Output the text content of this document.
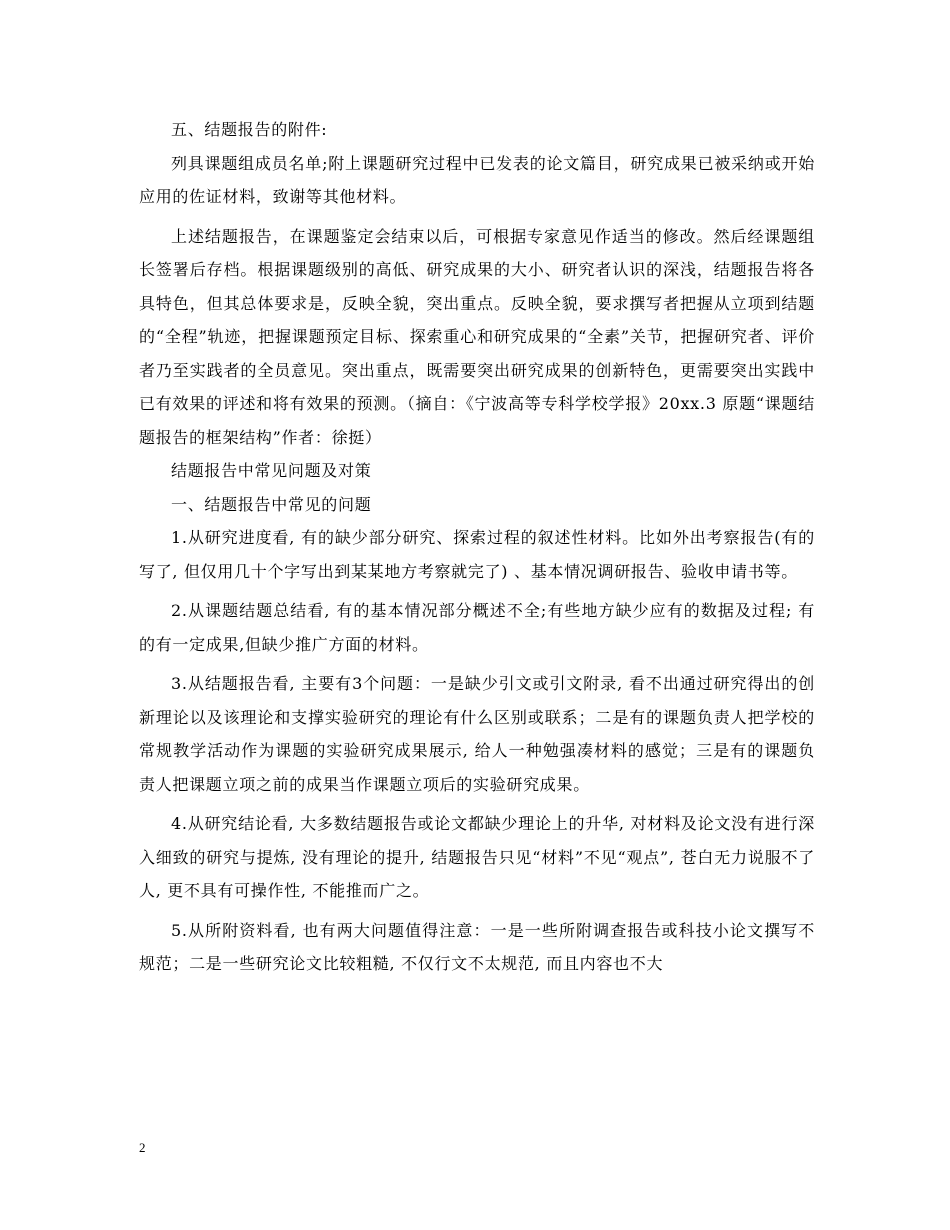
五、结题报告的附件:

列具课题组成员名单;附上课题研究过程中已发表的论文篇目，研究成果已被采纳或开始应用的佐证材料，致谢等其他材料。

上述结题报告，在课题鉴定会结束以后，可根据专家意见作适当的修改。然后经课题组长签署后存档。根据课题级别的高低、研究成果的大小、研究者认识的深浅，结题报告将各具特色，但其总体要求是，反映全貌，突出重点。反映全貌，要求撰写者把握从立项到结题的“全程”轨迹，把握课题预定目标、探索重心和研究成果的“全素”关节，把握研究者、评价者乃至实践者的全员意见。突出重点，既需要突出研究成果的创新特色，更需要突出实践中已有效果的评述和将有效果的预测。（摘自：《宁波高等专科学校学报》20xx.3 原题“课题结题报告的框架结构”作者：徐挺）

结题报告中常见问题及对策

一、结题报告中常见的问题

1.从研究进度看, 有的缺少部分研究、探索过程的叙述性材料。比如外出考察报告(有的写了, 但仅用几十个字写出到某某地方考察就完了) 、基本情况调研报告、验收申请书等。

2.从课题结题总结看, 有的基本情况部分概述不全;有些地方缺少应有的数据及过程; 有的有一定成果,但缺少推广方面的材料。

3.从结题报告看, 主要有3个问题：一是缺少引文或引文附录, 看不出通过研究得出的创新理论以及该理论和支撑实验研究的理论有什么区别或联系；二是有的课题负责人把学校的常规教学活动作为课题的实验研究成果展示, 给人一种勉强凑材料的感觉；三是有的课题负责人把课题立项之前的成果当作课题立项后的实验研究成果。

4.从研究结论看, 大多数结题报告或论文都缺少理论上的升华, 对材料及论文没有进行深入细致的研究与提炼, 没有理论的提升, 结题报告只见“材料”不见“观点”, 苍白无力说服不了人, 更不具有可操作性, 不能推而广之。

5.从所附资料看, 也有两大问题值得注意：一是一些所附调查报告或科技小论文撰写不规范；二是一些研究论文比较粗糙, 不仅行文不太规范, 而且内容也不大

2
